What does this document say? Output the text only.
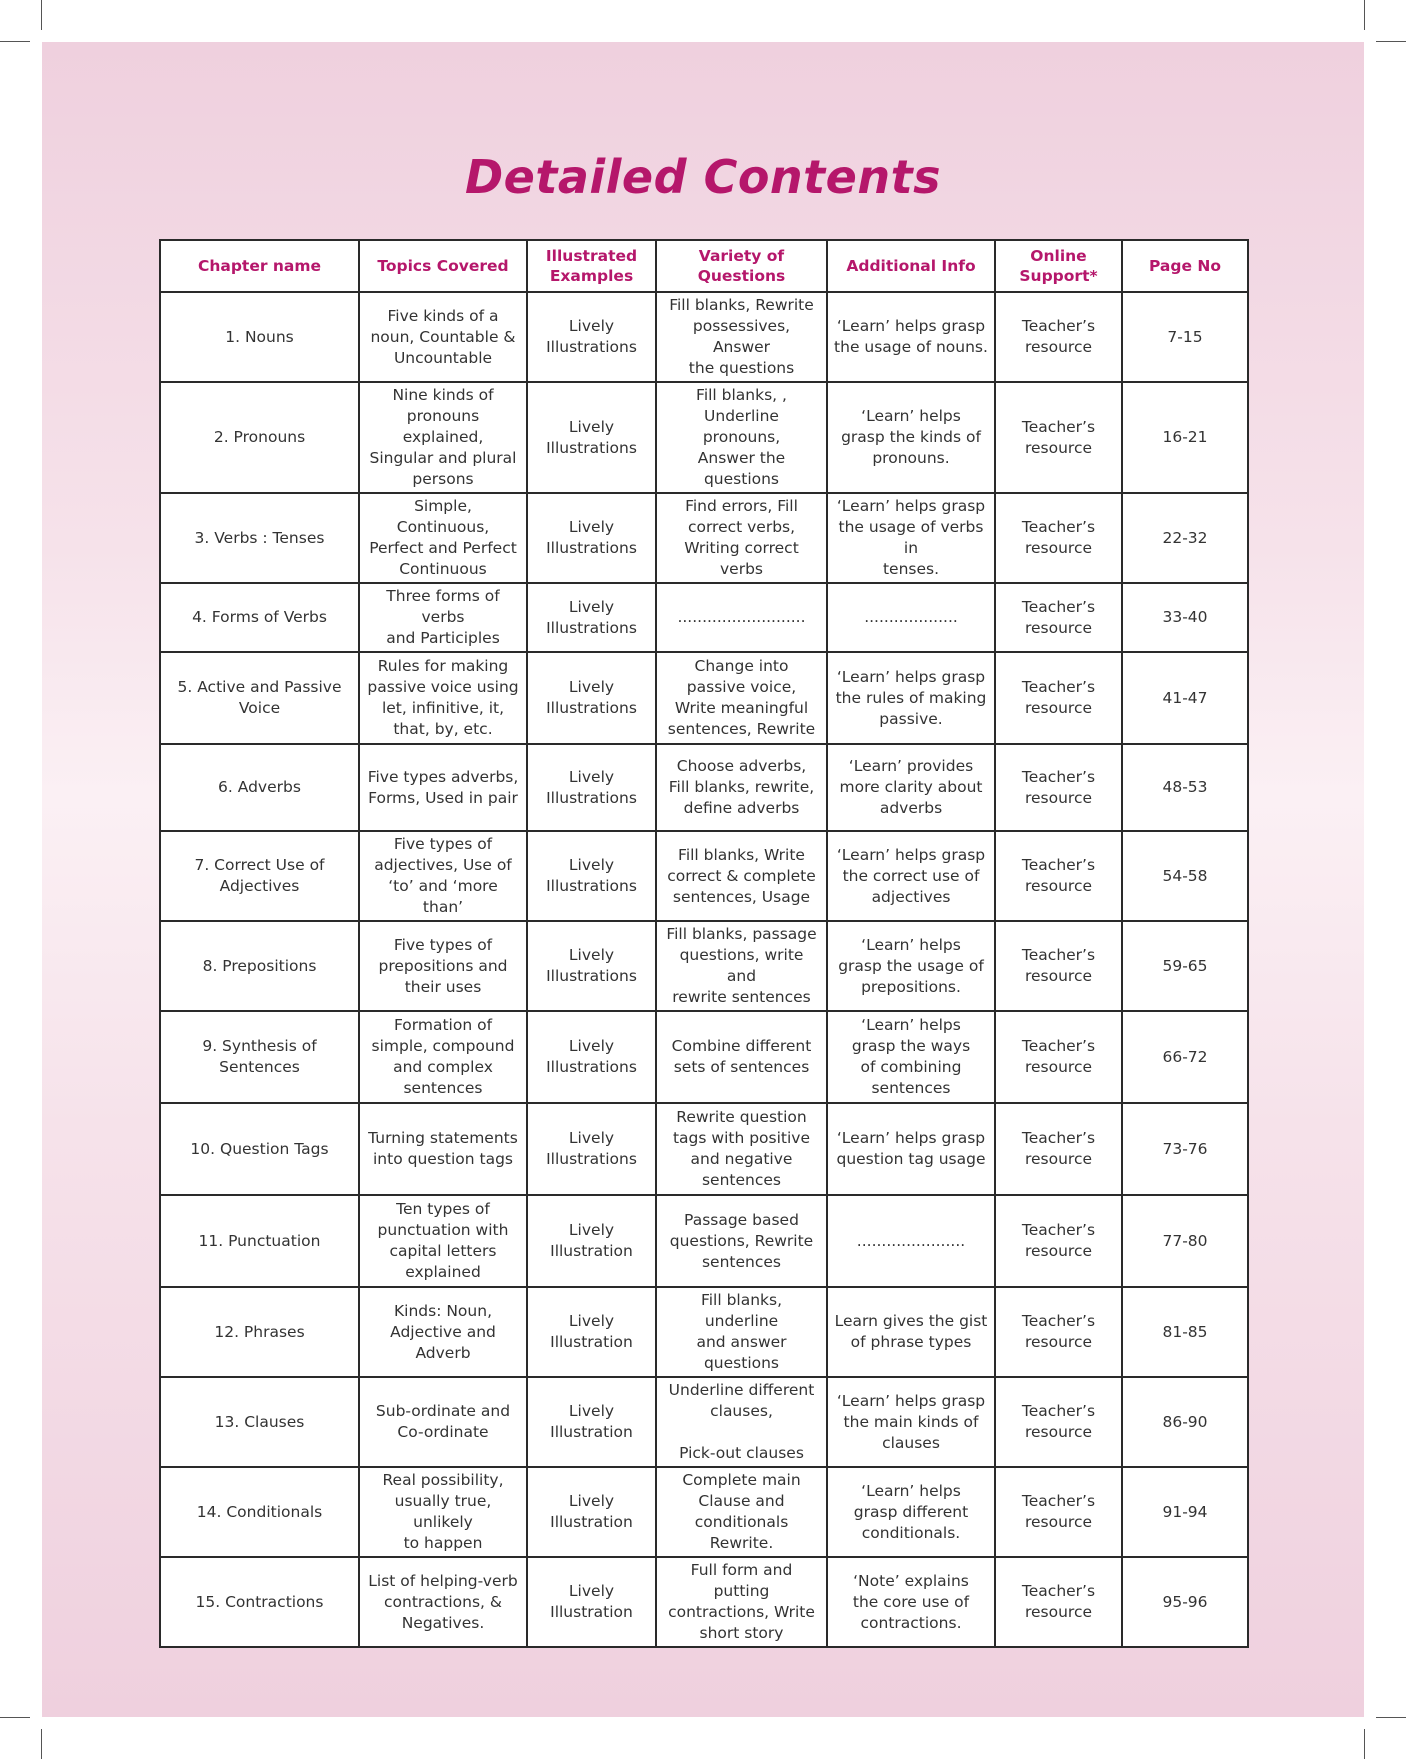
Detailed Contents
Chapter name	Topics Covered	Illustrated
Examples	Variety of
Questions	Additional Info	Online
Support*	Page No
1. Nouns	Five kinds of a
noun, Countable &
Uncountable	Lively
Illustrations	Fill blanks, Rewrite
possessives, Answer
the questions	‘Learn’ helps grasp
the usage of nouns.	Teacher’s
resource	7-15
2. Pronouns	Nine kinds of
pronouns explained,
Singular and plural
persons	Lively
Illustrations	Fill blanks, ,
Underline pronouns,
Answer the
questions	‘Learn’ helps
grasp the kinds of
pronouns.	Teacher’s
resource	16-21
3. Verbs : Tenses	Simple, Continuous,
Perfect and Perfect
Continuous	Lively
Illustrations	Find errors, Fill
correct verbs,
Writing correct verbs	‘Learn’ helps grasp
the usage of verbs in
tenses.	Teacher’s
resource	22-32
4. Forms of Verbs	Three forms of verbs
and Participles	Lively
Illustrations	..........................	...................	Teacher’s
resource	33-40
5. Active and Passive
Voice	Rules for making
passive voice using
let, infinitive, it,
that, by, etc.	Lively
Illustrations	Change into
passive voice,
Write meaningful
sentences, Rewrite	‘Learn’ helps grasp
the rules of making
passive.	Teacher’s
resource	41-47
6. Adverbs	Five types adverbs,
Forms, Used in pair	Lively
Illustrations	Choose adverbs,
Fill blanks, rewrite,
define adverbs	‘Learn’ provides
more clarity about
adverbs	Teacher’s
resource	48-53
7. Correct Use of
Adjectives	Five types of
adjectives, Use of
‘to’ and ‘more than’	Lively
Illustrations	Fill blanks, Write
correct & complete
sentences, Usage	‘Learn’ helps grasp
the correct use of
adjectives	Teacher’s
resource	54-58
8. Prepositions	Five types of
prepositions and
their uses	Lively
Illustrations	Fill blanks, passage
questions, write and
rewrite sentences	‘Learn’ helps
grasp the usage of
prepositions.	Teacher’s
resource	59-65
9. Synthesis of
Sentences	Formation of
simple, compound
and complex
sentences	Lively
Illustrations	Combine different
sets of sentences	‘Learn’ helps
grasp the ways
of combining
sentences	Teacher’s
resource	66-72
10. Question Tags	Turning statements
into question tags	Lively
Illustrations	Rewrite question
tags with positive
and negative
sentences	‘Learn’ helps grasp
question tag usage	Teacher’s
resource	73-76
11. Punctuation	Ten types of
punctuation with
capital letters
explained	Lively
Illustration	Passage based
questions, Rewrite
sentences	......................	Teacher’s
resource	77-80
12. Phrases	Kinds: Noun,
Adjective and
Adverb	Lively
Illustration	Fill blanks, underline
and answer
questions	Learn gives the gist
of phrase types	Teacher’s
resource	81-85
13. Clauses	Sub-ordinate and
Co-ordinate	Lively
Illustration	Underline different
clauses,

Pick-out clauses	‘Learn’ helps grasp
the main kinds of
clauses	Teacher’s
resource	86-90
14. Conditionals	Real possibility,
usually true, unlikely
to happen	Lively
Illustration	Complete main
Clause and
conditionals Rewrite.	‘Learn’ helps
grasp different
conditionals.	Teacher’s
resource	91-94
15. Contractions	List of helping-verb
contractions, &
Negatives.	Lively
Illustration	Full form and putting
contractions, Write
short story	‘Note’ explains
the core use of
contractions.	Teacher’s
resource	95-96
